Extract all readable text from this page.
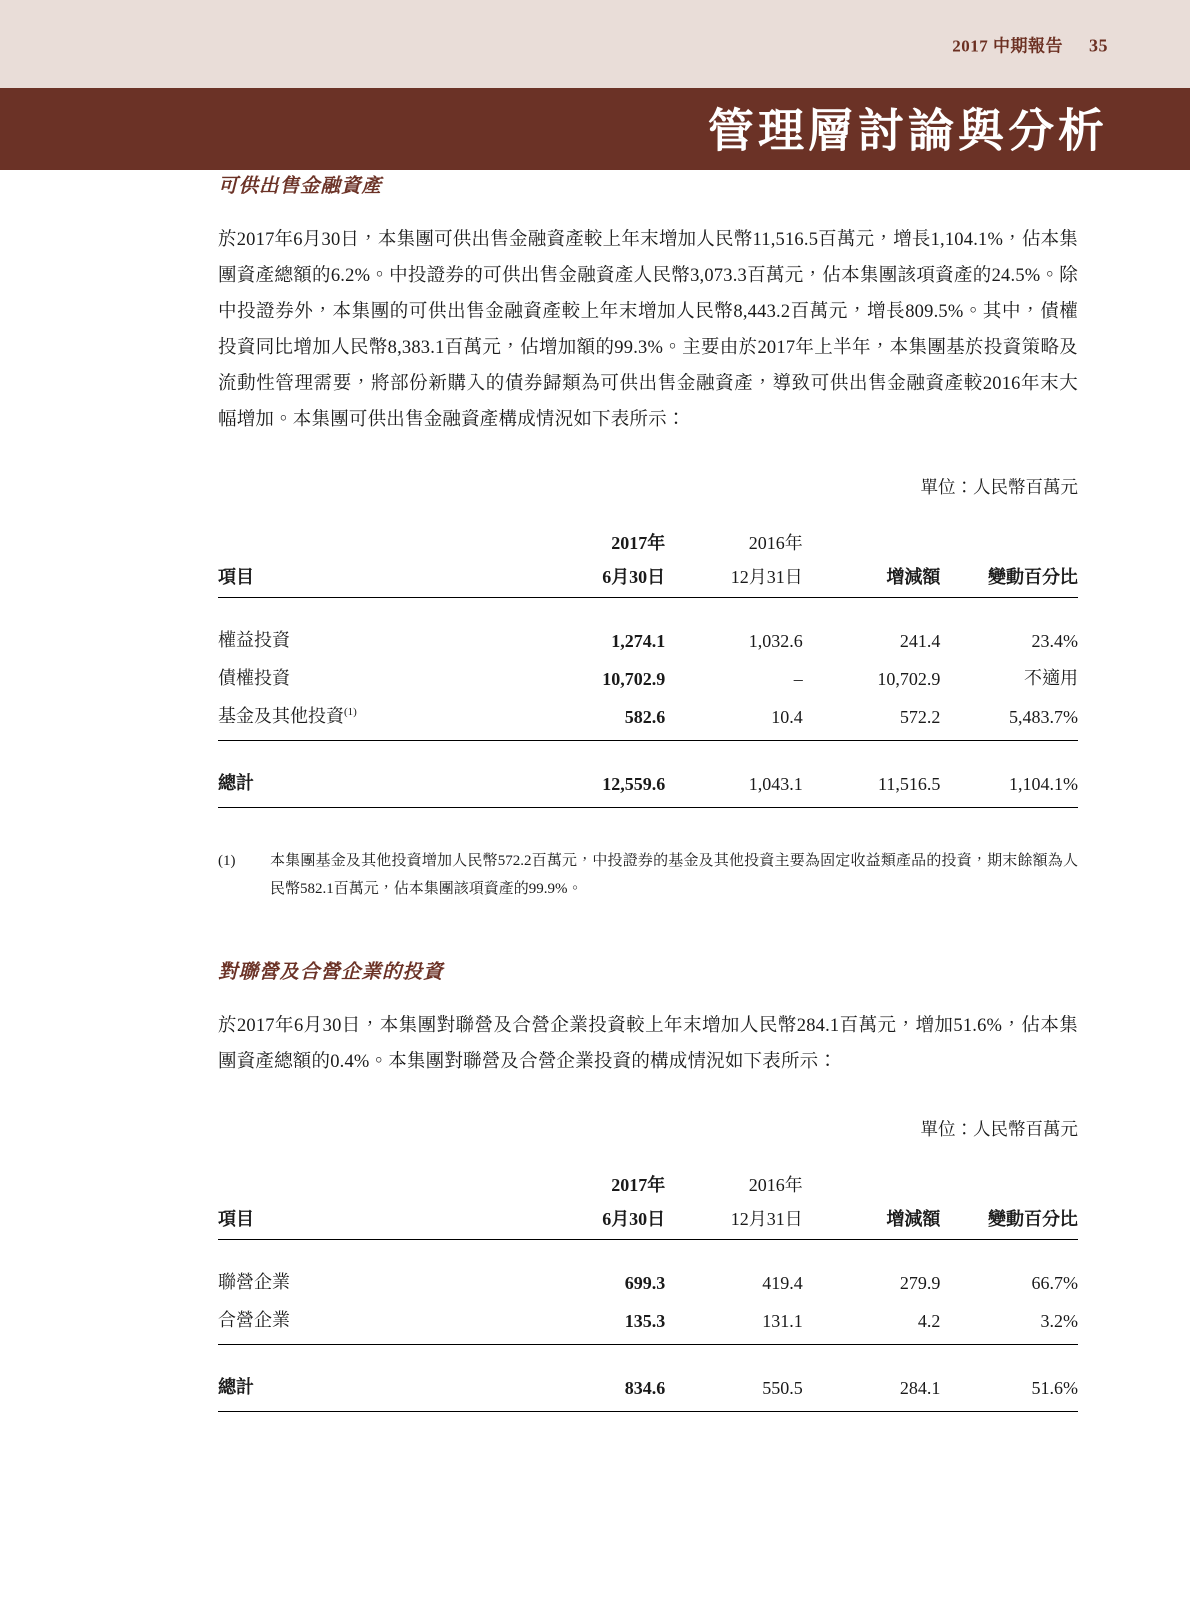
2017 中期報告 35
管理層討論與分析
可供出售金融資產

於2017年6月30日，本集團可供出售金融資產較上年末增加人民幣11,516.5百萬元，增長1,104.1%，佔本集團資產總額的6.2%。中投證券的可供出售金融資產人民幣3,073.3百萬元，佔本集團該項資產的24.5%。除中投證券外，本集團的可供出售金融資產較上年末增加人民幣8,443.2百萬元，增長809.5%。其中，債權投資同比增加人民幣8,383.1百萬元，佔增加額的99.3%。主要由於2017年上半年，本集團基於投資策略及流動性管理需要，將部份新購入的債券歸類為可供出售金融資產，導致可供出售金融資產較2016年末大幅增加。本集團可供出售金融資產構成情況如下表所示：

單位：人民幣百萬元
	2017年	2016年		
項目	6月30日	12月31日	增減額	變動百分比
權益投資	1,274.1	1,032.6	241.4	23.4%
債權投資	10,702.9	–	10,702.9	不適用
基金及其他投資$^{(1)}$	582.6	10.4	572.2	5,483.7%
總計	12,559.6	1,043.1	11,516.5	1,104.1%
(1)	本集團基金及其他投資增加人民幣572.2百萬元，中投證券的基金及其他投資主要為固定收益類產品的投資，期末餘額為人民幣582.1百萬元，佔本集團該項資產的99.9%。
對聯營及合營企業的投資

於2017年6月30日，本集團對聯營及合營企業投資較上年末增加人民幣284.1百萬元，增加51.6%，佔本集團資產總額的0.4%。本集團對聯營及合營企業投資的構成情況如下表所示：

單位：人民幣百萬元
	2017年	2016年		
項目	6月30日	12月31日	增減額	變動百分比
聯營企業	699.3	419.4	279.9	66.7%
合營企業	135.3	131.1	4.2	3.2%
總計	834.6	550.5	284.1	51.6%
